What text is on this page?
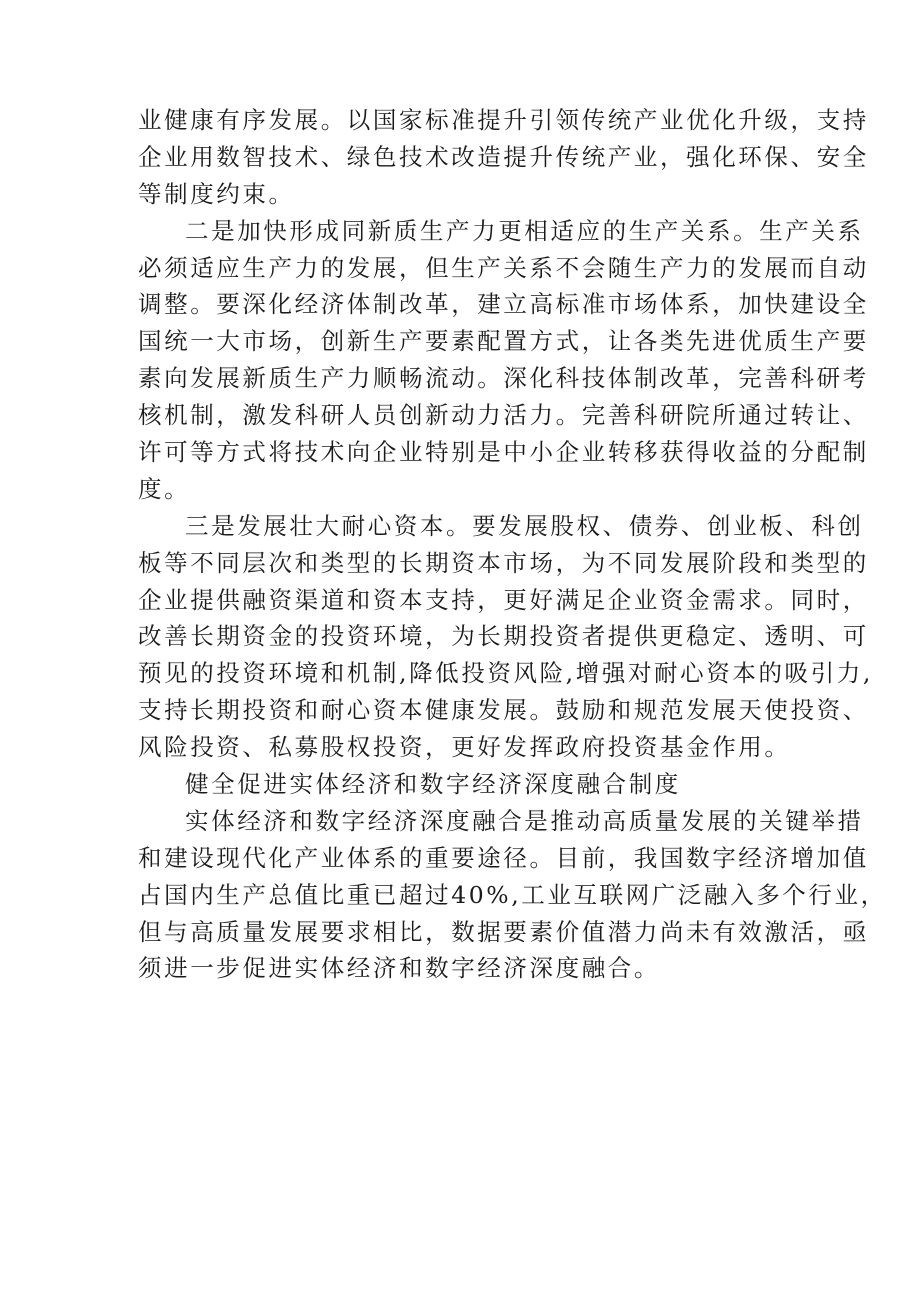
业健康有序发展。以国家标准提升引领传统产业优化升级，支持
企业用数智技术、绿色技术改造提升传统产业，强化环保、安全
等制度约束。
二是加快形成同新质生产力更相适应的生产关系。生产关系
必须适应生产力的发展，但生产关系不会随生产力的发展而自动
调整。要深化经济体制改革，建立高标准市场体系，加快建设全
国统一大市场，创新生产要素配置方式，让各类先进优质生产要
素向发展新质生产力顺畅流动。深化科技体制改革，完善科研考
核机制，激发科研人员创新动力活力。完善科研院所通过转让、
许可等方式将技术向企业特别是中小企业转移获得收益的分配制
度。
三是发展壮大耐心资本。要发展股权、债券、创业板、科创
板等不同层次和类型的长期资本市场，为不同发展阶段和类型的
企业提供融资渠道和资本支持，更好满足企业资金需求。同时，
改善长期资金的投资环境，为长期投资者提供更稳定、透明、可
预见的投资环境和机制,降低投资风险,增强对耐心资本的吸引力,
支持长期投资和耐心资本健康发展。鼓励和规范发展天使投资、
风险投资、私募股权投资，更好发挥政府投资基金作用。
健全促进实体经济和数字经济深度融合制度
实体经济和数字经济深度融合是推动高质量发展的关键举措
和建设现代化产业体系的重要途径。目前，我国数字经济增加值
占国内生产总值比重已超过40%,工业互联网广泛融入多个行业，
但与高质量发展要求相比，数据要素价值潜力尚未有效激活，亟
须进一步促进实体经济和数字经济深度融合。
